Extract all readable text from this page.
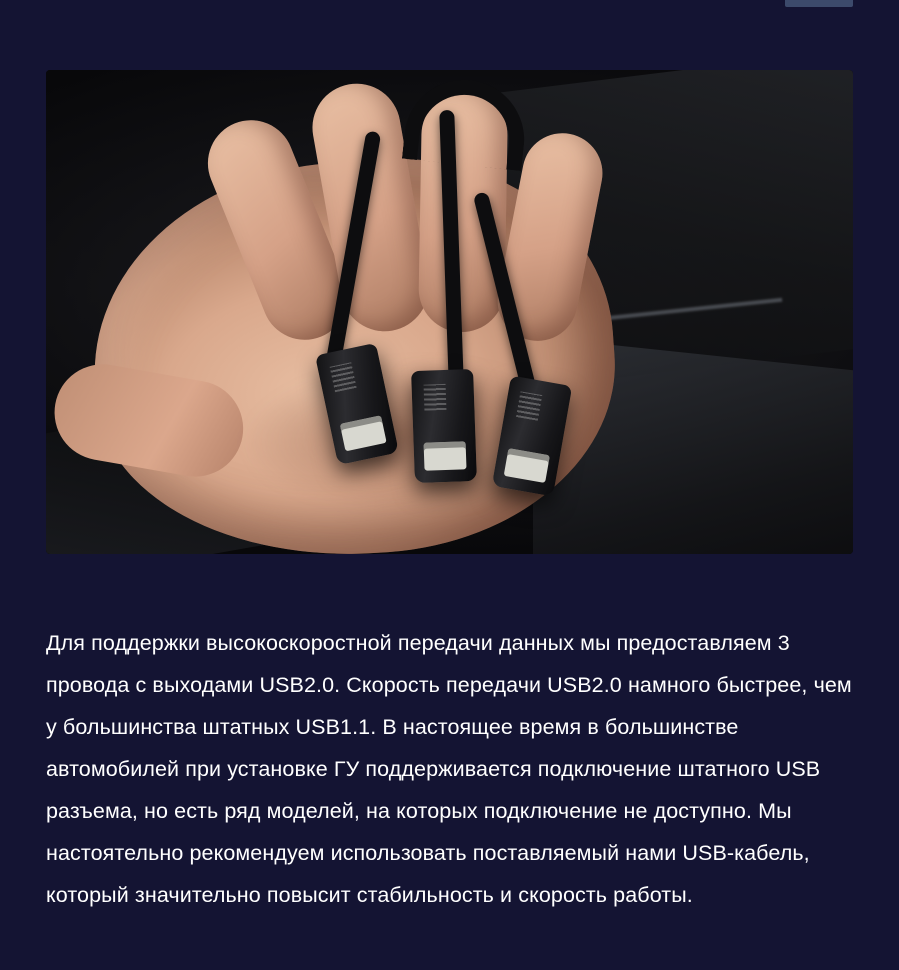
Для поддержки высокоскоростной передачи данных мы предоставляем 3 провода с выходами USB2.0. Скорость передачи USB2.0 намного быстрее, чем у большинства штатных USB1.1. В настоящее время в большинстве автомобилей при установке ГУ поддерживается подключение штатного USB разъема, но есть ряд моделей, на которых подключение не доступно. Мы настоятельно рекомендуем использовать поставляемый нами USB-кабель, который значительно повысит стабильность и скорость работы.
